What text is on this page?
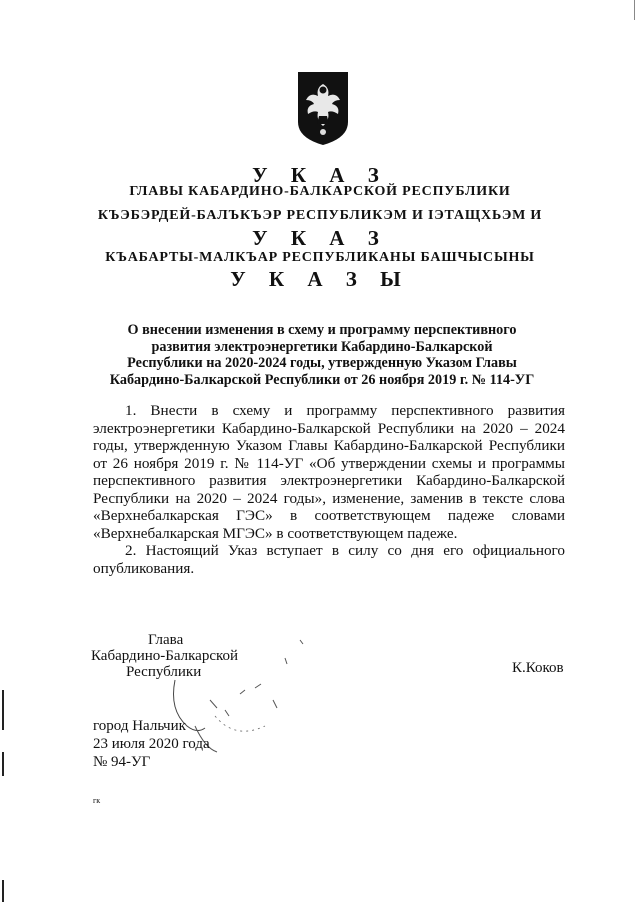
У К А З
ГЛАВЫ КАБАРДИНО-БАЛКАРСКОЙ РЕСПУБЛИКИ
КЪЭБЭРДЕЙ-БАЛЪКЪЭР РЕСПУБЛИКЭМ И ІЭТАЩХЬЭМ И
У К А З
КЪАБАРТЫ-МАЛКЪАР РЕСПУБЛИКАНЫ БАШЧЫСЫНЫ
У К А З Ы
О внесении изменения в схему и программу перспективного
развития электроэнергетики Кабардино-Балкарской
Республики на 2020-2024 годы, утвержденную Указом Главы
Кабардино-Балкарской Республики от 26 ноября 2019 г. № 114-УГ
1. Внести в схему и программу перспективного развития
электроэнергетики Кабардино-Балкарской Республики на 2020 – 2024
годы, утвержденную Указом Главы Кабардино-Балкарской Республики
от 26 ноября 2019 г. № 114-УГ «Об утверждении схемы и программы
перспективного развития электроэнергетики Кабардино-Балкарской
Республики на 2020 – 2024 годы», изменение, заменив в тексте слова
«Верхнебалкарская ГЭС» в соответствующем падеже словами
«Верхнебалкарская МГЭС» в соответствующем падеже.
2. Настоящий Указ вступает в силу со дня его официального
опубликования.
Глава
Кабардино-Балкарской
Республики	К.Коков
город Нальчик
23 июля 2020 года
№ 94-УГ
гк
